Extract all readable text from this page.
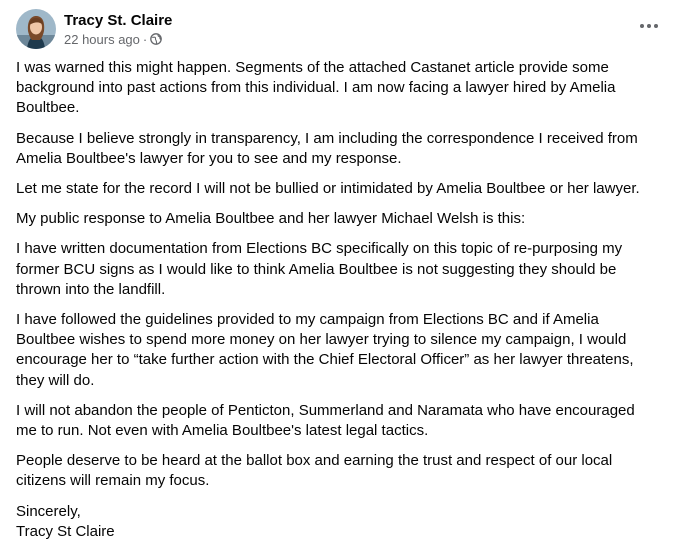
Tracy St. Claire
22 hours ago ·

I was warned this might happen. Segments of the attached Castanet article provide some background into past actions from this individual. I am now facing a lawyer hired by Amelia Boultbee.

Because I believe strongly in transparency, I am including the correspondence I received from Amelia Boultbee's lawyer for you to see and my response.

Let me state for the record I will not be bullied or intimidated by Amelia Boultbee or her lawyer.

My public response to Amelia Boultbee and her lawyer Michael Welsh is this:

I have written documentation from Elections BC specifically on this topic of re-purposing my former BCU signs as I would like to think Amelia Boultbee is not suggesting they should be thrown into the landfill.

I have followed the guidelines provided to my campaign from Elections BC and if Amelia Boultbee wishes to spend more money on her lawyer trying to silence my campaign, I would encourage her to “take further action with the Chief Electoral Officer” as her lawyer threatens, they will do.

I will not abandon the people of Penticton, Summerland and Naramata who have encouraged me to run. Not even with Amelia Boultbee's latest legal tactics.

People deserve to be heard at the ballot box and earning the trust and respect of our local citizens will remain my focus.

Sincerely,

Tracy St Claire
